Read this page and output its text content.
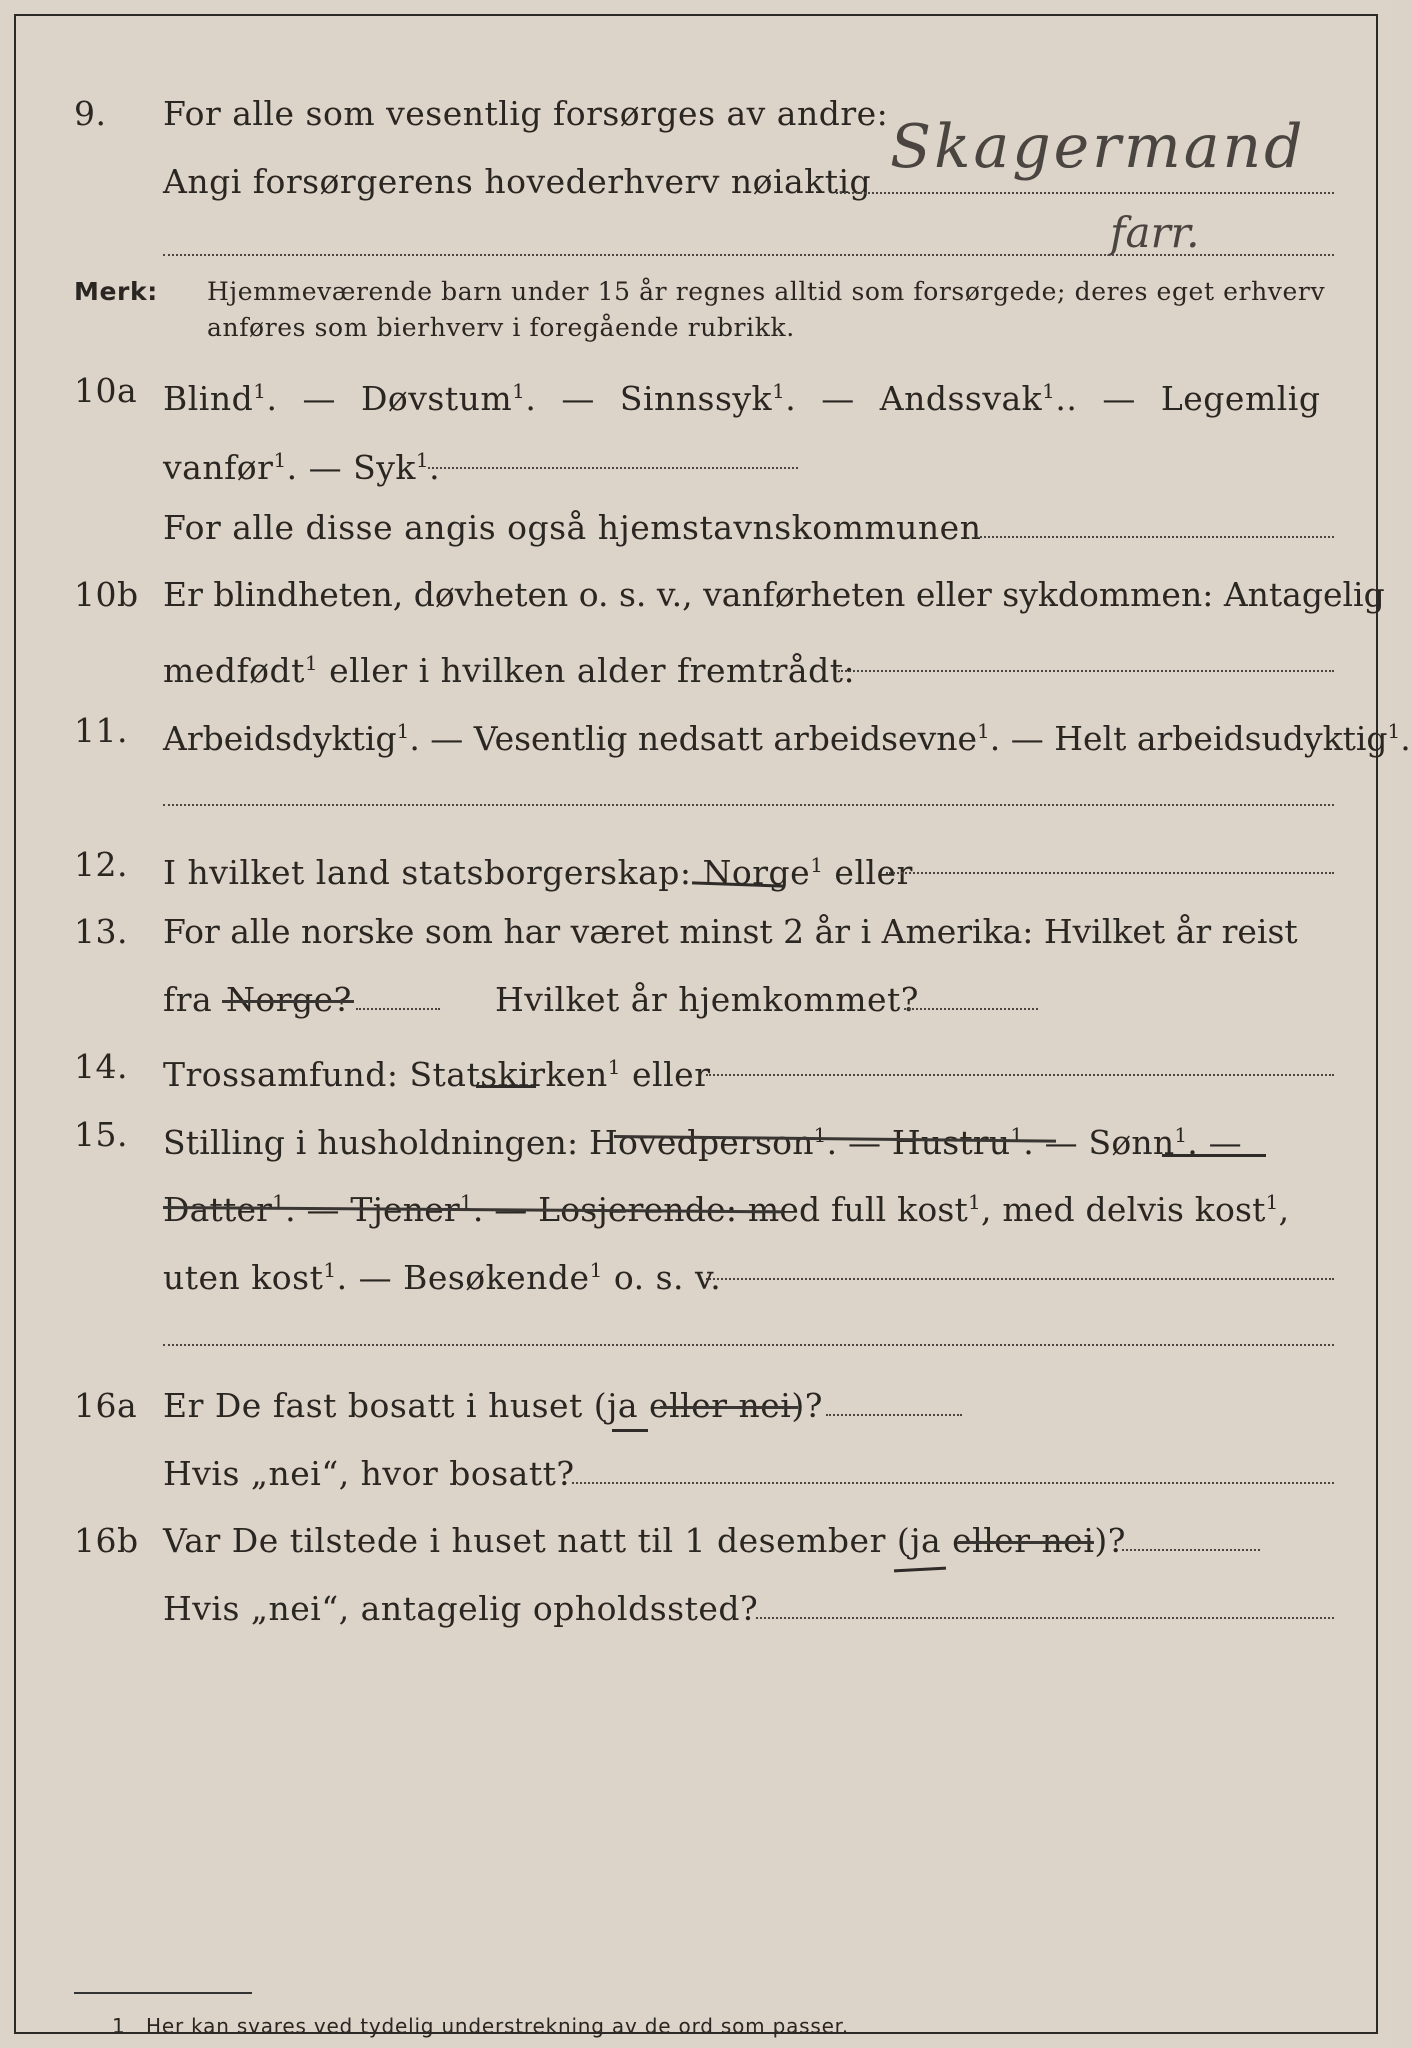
9. For alle som vesentlig forsørges av andre:
Angi forsørgerens hovederhverv nøiaktig Skagermand
farr.
Merk: Hjemmeværende barn under 15 år regnes alltid som forsørgede; deres eget erhverv
anføres som bierhverv i foregående rubrikk.
10a Blind$^1$. — Døvstum$^1$. — Sinnssyk$^1$. — Andssvak$^1$.. — Legemlig
vanfør$^1$. — Syk$^1$.
For alle disse angis også hjemstavnskommunen
10b Er blindheten, døvheten o. s. v., vanførheten eller sykdommen: Antagelig
medfødt$^1$ eller i hvilken alder fremtrådt:
11. Arbeidsdyktig$^1$. — Vesentlig nedsatt arbeidsevne$^1$. — Helt arbeidsudyktig$^1$.
12. I hvilket land statsborgerskap: Norge$^1$ eller
13. For alle norske som har været minst 2 år i Amerika: Hvilket år reist
fra Norge?	Hvilket år hjemkommet?
14. Trossamfund: Statskirken$^1$ eller
15. Stilling i husholdningen: Hovedperson$^1$. — Hustru$^1$. — Sønn$^1$. —
Datter$^1$. — Tjener$^1$. — Losjerende: med full kost$^1$, med delvis kost$^1$,
uten kost$^1$. — Besøkende$^1$ o. s. v.
16a Er De fast bosatt i huset (ja eller nei)?
Hvis „nei“, hvor bosatt?
16b Var De tilstede i huset natt til 1 desember (ja eller nei)?
Hvis „nei“, antagelig opholdssted?
1 Her kan svares ved tydelig understrekning av de ord som passer.
